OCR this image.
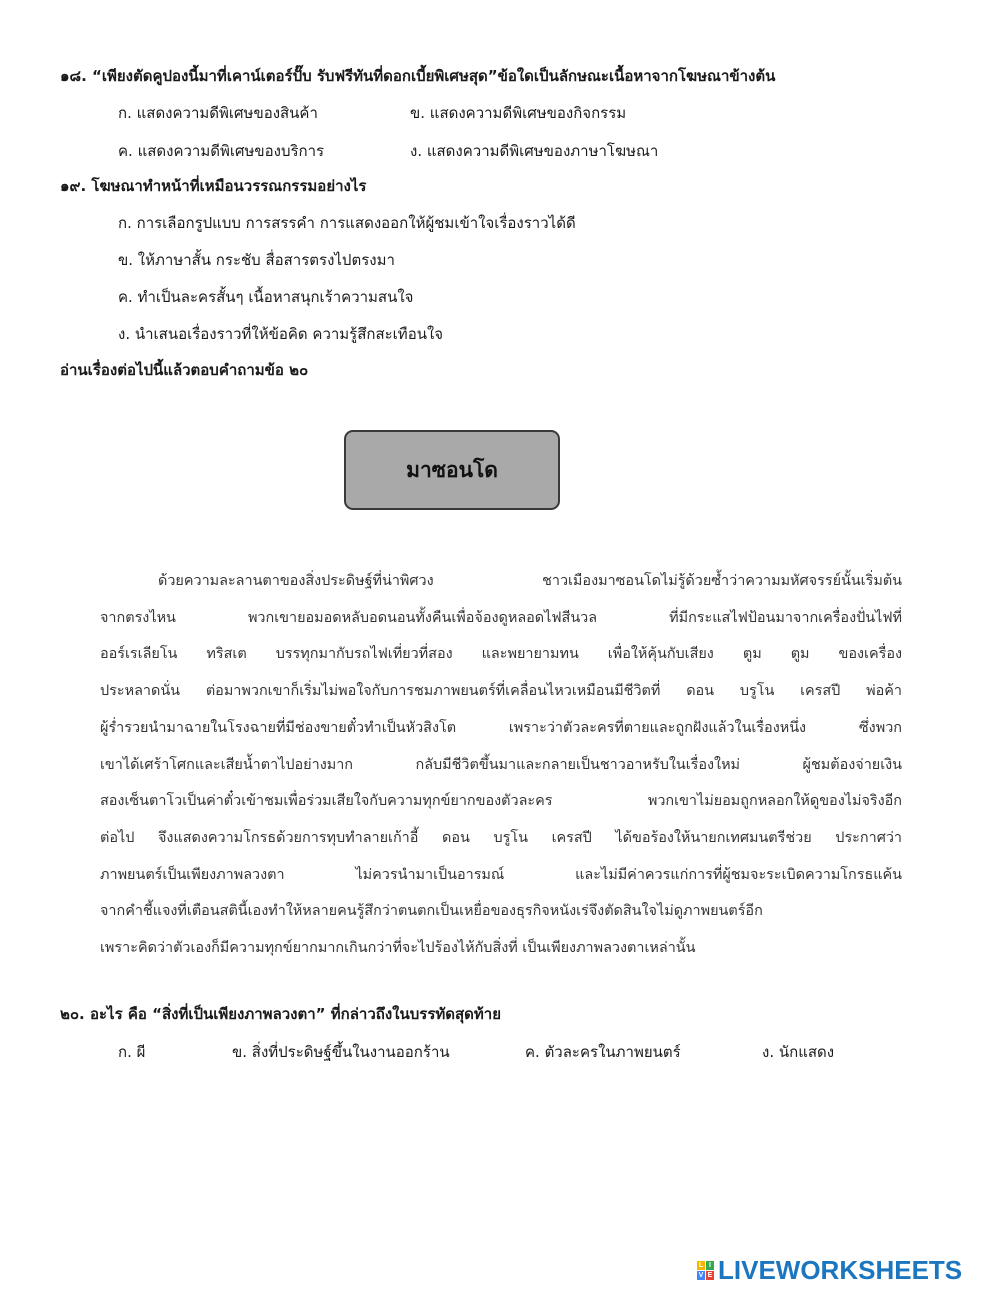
๑๘. “เพียงตัดคูปองนี้มาที่เคาน์เตอร์ปั๊บ รับฟรีทันที่ดอกเบี้ยพิเศษสุด”ข้อใดเป็นลักษณะเนื้อหาจากโฆษณาข้างต้น
ก. แสดงความดีพิเศษของสินค้า	ข. แสดงความดีพิเศษของกิจกรรม
ค. แสดงความดีพิเศษของบริการ	ง. แสดงความดีพิเศษของภาษาโฆษณา
๑๙. โฆษณาทำหน้าที่เหมือนวรรณกรรมอย่างไร
ก. การเลือกรูปแบบ การสรรคำ การแสดงออกให้ผู้ชมเข้าใจเรื่องราวได้ดี
ข. ให้ภาษาสั้น กระชับ สื่อสารตรงไปตรงมา
ค. ทำเป็นละครสั้นๆ เนื้อหาสนุกเร้าความสนใจ
ง. นำเสนอเรื่องราวที่ให้ข้อคิด ความรู้สึกสะเทือนใจ
อ่านเรื่องต่อไปนี้แล้วตอบคำถามข้อ ๒๐
มาซอนโด
ด้วยความละลานตาของสิ่งประดิษฐ์ที่น่าพิศวง ชาวเมืองมาซอนโดไม่รู้ด้วยซ้ำว่าความมหัศจรรย์นั้นเริ่มต้น
จากตรงไหน พวกเขายอมอดหลับอดนอนทั้งคืนเพื่อจ้องดูหลอดไฟสีนวล ที่มีกระแสไฟป้อนมาจากเครื่องปั่นไฟที่
ออร์เรเลียโน ทริสเต บรรทุกมากับรถไฟเที่ยวที่สอง และพยายามทน เพื่อให้คุ้นกับเสียง ตูม ตูม ของเครื่อง
ประหลาดนั่น ต่อมาพวกเขาก็เริ่มไม่พอใจกับการชมภาพยนตร์ที่เคลื่อนไหวเหมือนมีชีวิตที่ ดอน บรูโน เครสปี พ่อค้า
ผู้ร่ำรวยนำมาฉายในโรงฉายที่มีช่องขายตั๋วทำเป็นหัวสิงโต เพราะว่าตัวละครที่ตายและถูกฝังแล้วในเรื่องหนึ่ง ซึ่งพวก
เขาได้เศร้าโศกและเสียน้ำตาไปอย่างมาก กลับมีชีวิตขึ้นมาและกลายเป็นชาวอาหรับในเรื่องใหม่ ผู้ชมต้องจ่ายเงิน
สองเซ็นตาโวเป็นค่าตั๋วเข้าชมเพื่อร่วมเสียใจกับความทุกข์ยากของตัวละคร พวกเขาไม่ยอมถูกหลอกให้ดูของไม่จริงอีก
ต่อไป จึงแสดงความโกรธด้วยการทุบทำลายเก้าอี้ ดอน บรูโน เครสปี ได้ขอร้องให้นายกเทศมนตรีช่วย ประกาศว่า
ภาพยนตร์เป็นเพียงภาพลวงตา ไม่ควรนำมาเป็นอารมณ์ และไม่มีค่าควรแก่การที่ผู้ชมจะระเบิดความโกรธแค้น
จากคำชี้แจงที่เตือนสตินี้เองทำให้หลายคนรู้สึกว่าตนตกเป็นเหยื่อของธุรกิจหนังเร่จึงตัดสินใจไม่ดูภาพยนตร์อีก
เพราะคิดว่าตัวเองก็มีความทุกข์ยากมากเกินกว่าที่จะไปร้องไห้กับสิ่งที่ เป็นเพียงภาพลวงตาเหล่านั้น
๒๐. อะไร คือ “สิ่งที่เป็นเพียงภาพลวงตา” ที่กล่าวถึงในบรรทัดสุดท้าย
ก. ผี	ข. สิ่งที่ประดิษฐ์ขึ้นในงานออกร้าน	ค. ตัวละครในภาพยนตร์	ง. นักแสดง
L I
V E LIVEWORKSHEETS
